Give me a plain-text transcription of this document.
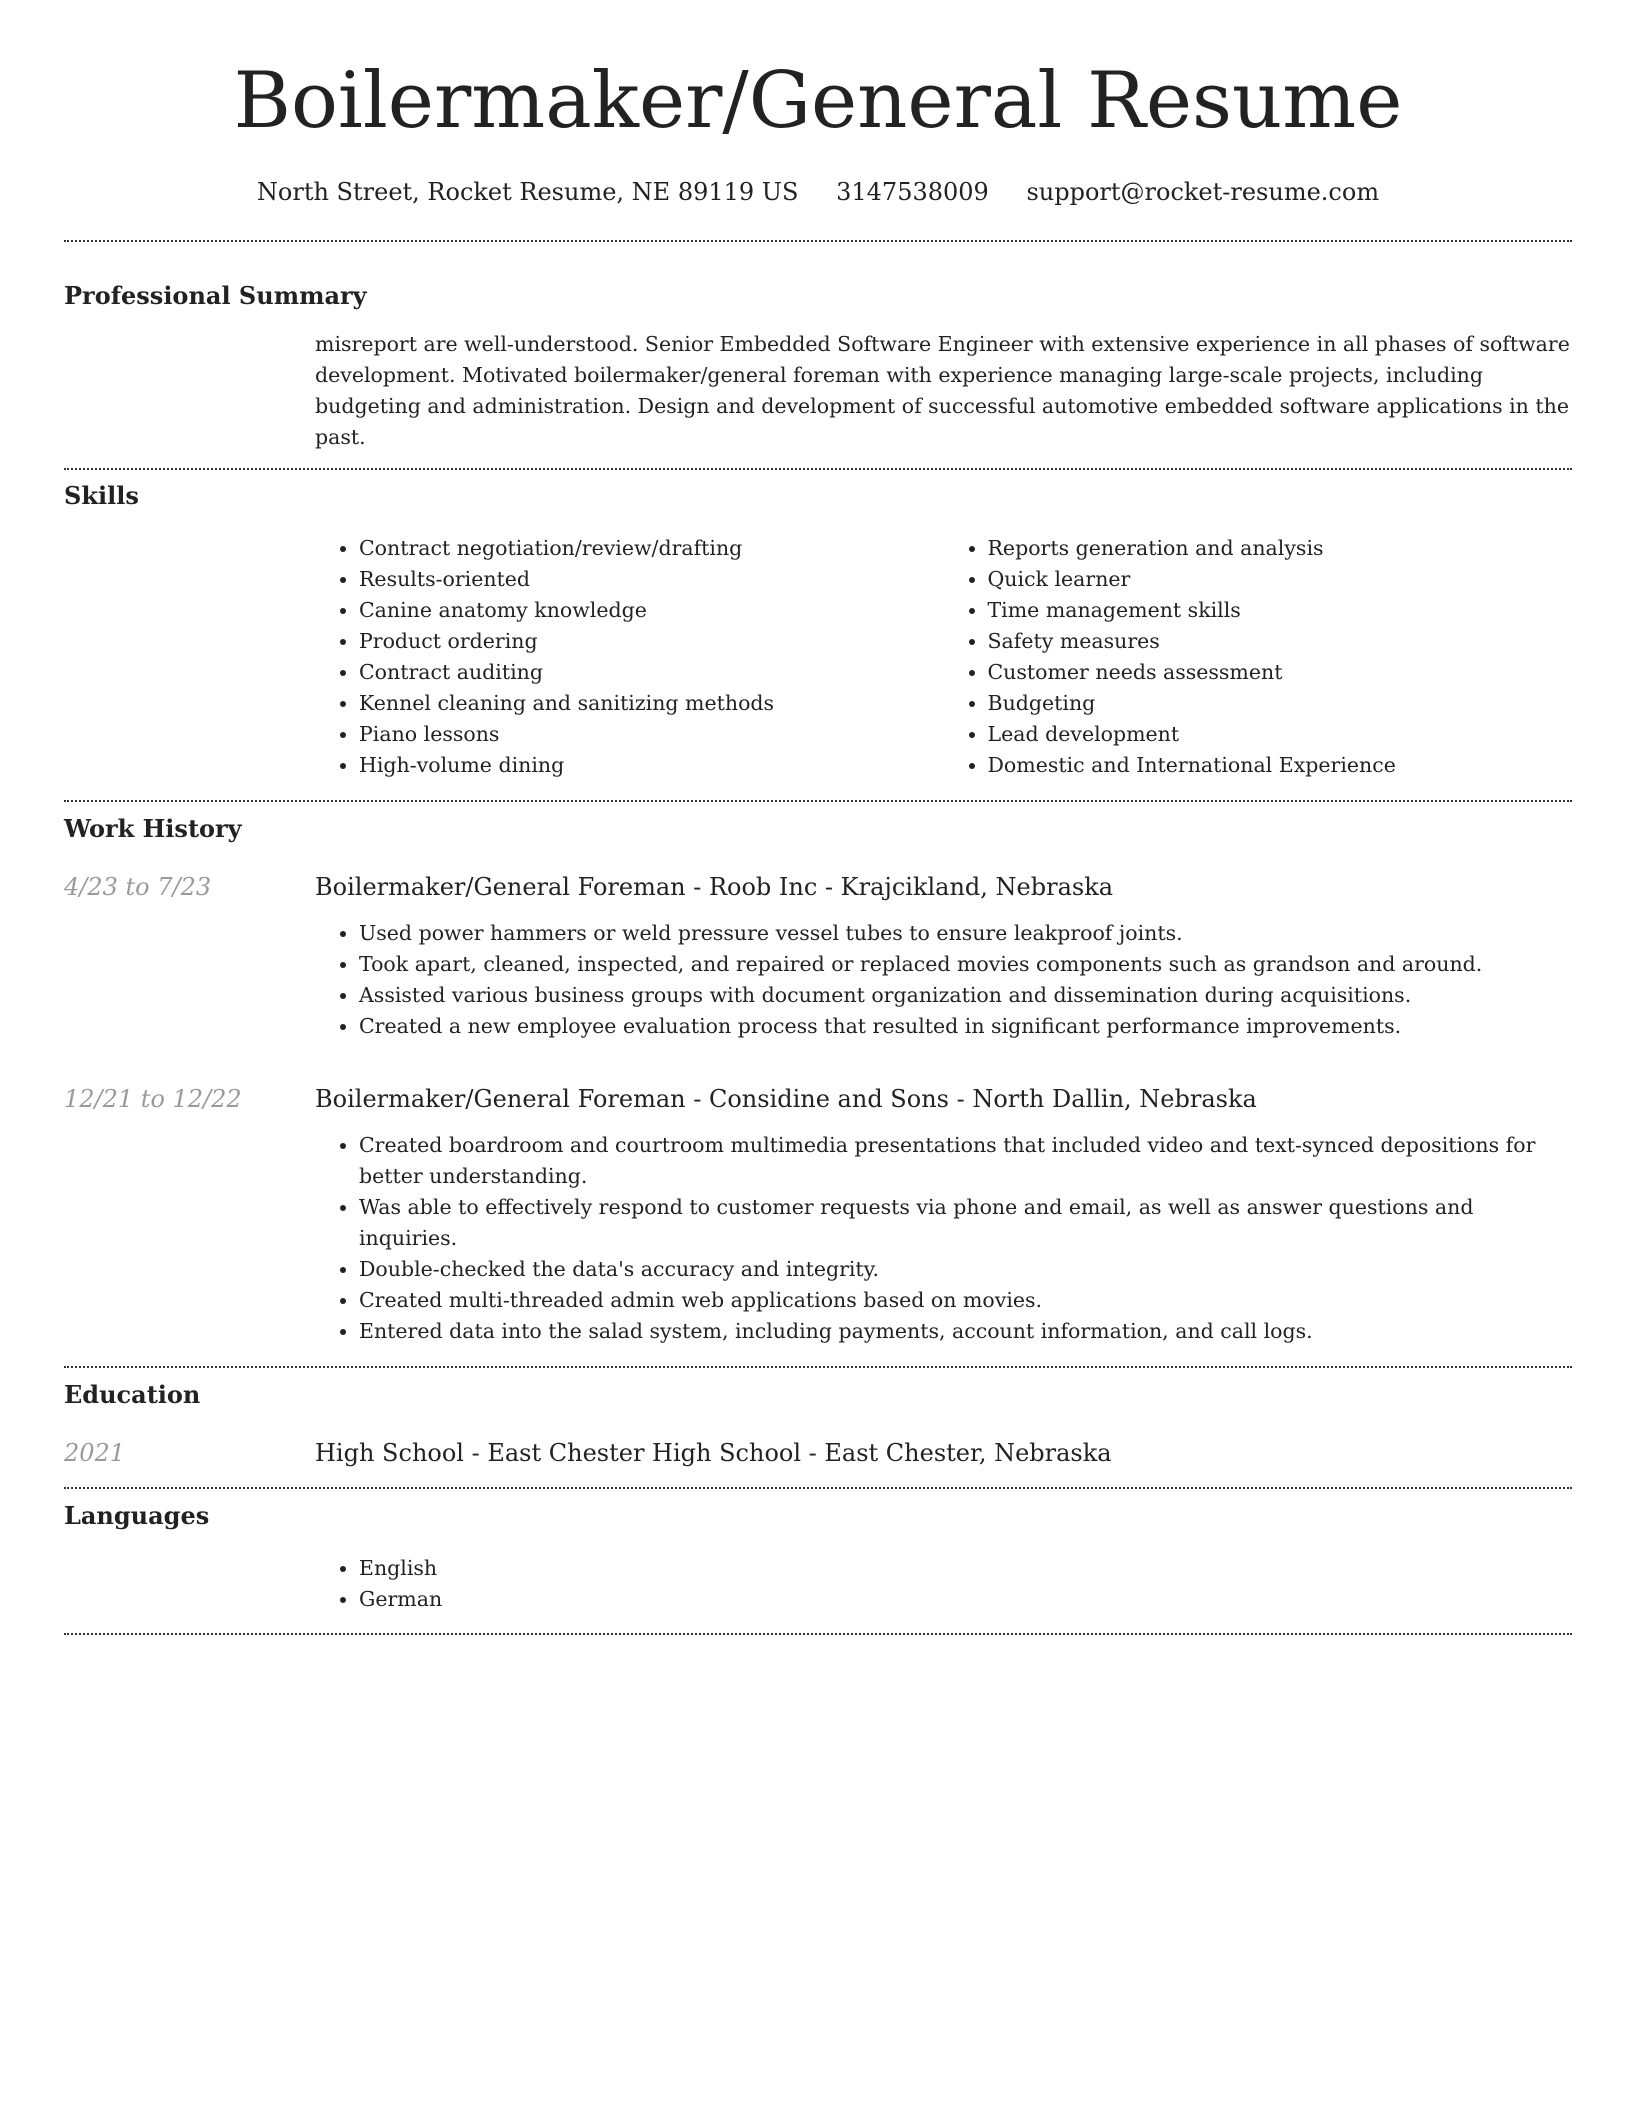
Boilermaker/General Resume
North Street, Rocket Resume, NE 89119 US 3147538009 support@rocket-resume.com
Professional Summary

misreport are well-understood. Senior Embedded Software Engineer with extensive experience in all phases of software development. Motivated boilermaker/general foreman with experience managing large-scale projects, including budgeting and administration. Design and development of successful automotive embedded software applications in the past.

Skills
• Contract negotiation/review/drafting
• Results-oriented
• Canine anatomy knowledge
• Product ordering
• Contract auditing
• Kennel cleaning and sanitizing methods
• Piano lessons
• High-volume dining
• Reports generation and analysis
• Quick learner
• Time management skills
• Safety measures
• Customer needs assessment
• Budgeting
• Lead development
• Domestic and International Experience
Work History
4/23 to 7/23	Boilermaker/General Foreman - Roob Inc - Krajcikland, Nebraska
• Used power hammers or weld pressure vessel tubes to ensure leakproof joints.
• Took apart, cleaned, inspected, and repaired or replaced movies components such as grandson and around.
• Assisted various business groups with document organization and dissemination during acquisitions.
• Created a new employee evaluation process that resulted in significant performance improvements.
12/21 to 12/22	Boilermaker/General Foreman - Considine and Sons - North Dallin, Nebraska
• Created boardroom and courtroom multimedia presentations that included video and text-synced depositions for better understanding.
• Was able to effectively respond to customer requests via phone and email, as well as answer questions and inquiries.
• Double-checked the data's accuracy and integrity.
• Created multi-threaded admin web applications based on movies.
• Entered data into the salad system, including payments, account information, and call logs.
Education
2021	High School - East Chester High School - East Chester, Nebraska
Languages
• English
• German
